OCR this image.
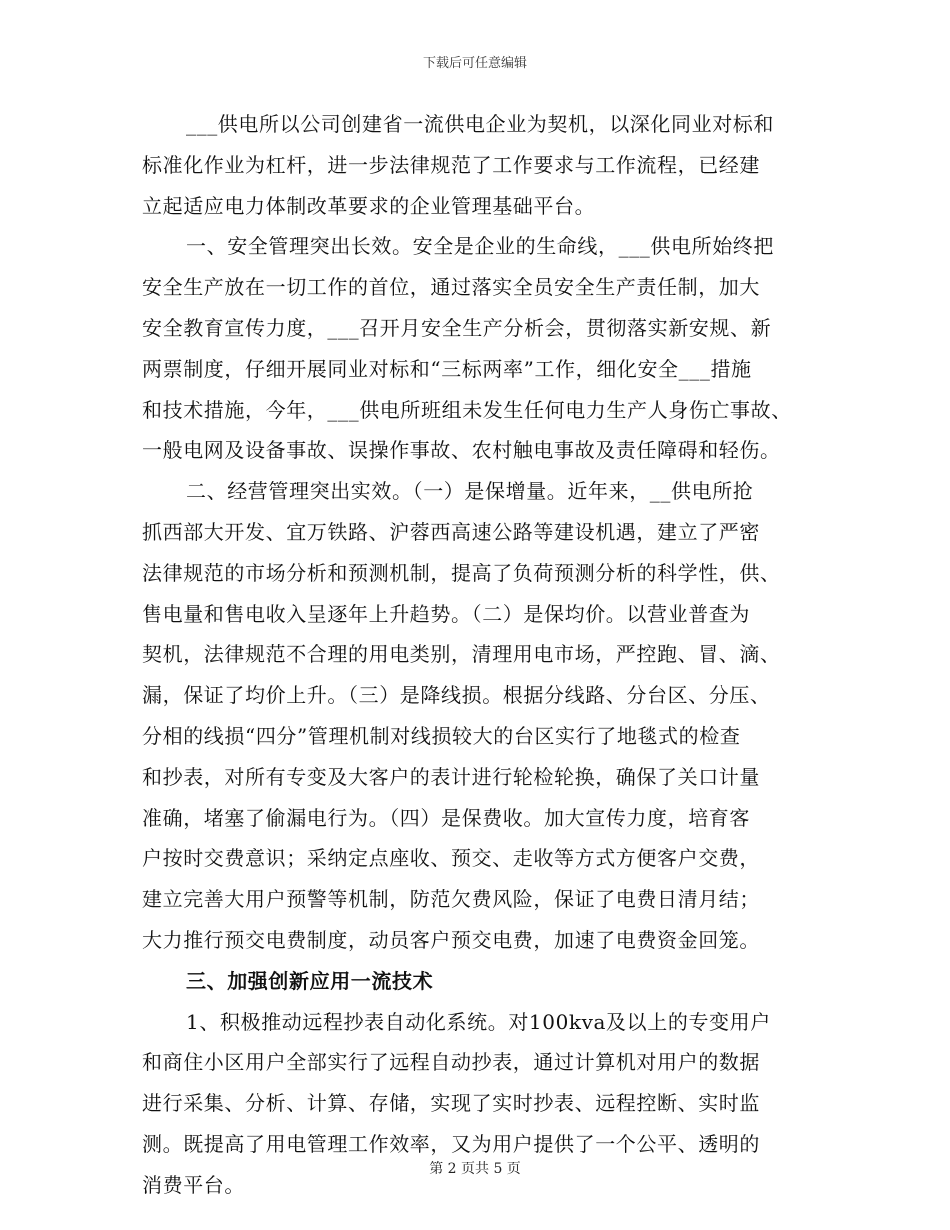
下载后可任意编辑
___供电所以公司创建省一流供电企业为契机，以深化同业对标和
标准化作业为杠杆，进一步法律规范了工作要求与工作流程，已经建
立起适应电力体制改革要求的企业管理基础平台。
一、安全管理突出长效。安全是企业的生命线，___供电所始终把
安全生产放在一切工作的首位，通过落实全员安全生产责任制，加大
安全教育宣传力度，___召开月安全生产分析会，贯彻落实新安规、新
两票制度，仔细开展同业对标和“三标两率”工作，细化安全___措施
和技术措施，今年，___供电所班组未发生任何电力生产人身伤亡事故、
一般电网及设备事故、误操作事故、农村触电事故及责任障碍和轻伤。
二、经营管理突出实效。（一）是保增量。近年来，__供电所抢
抓西部大开发、宜万铁路、沪蓉西高速公路等建设机遇，建立了严密
法律规范的市场分析和预测机制，提高了负荷预测分析的科学性，供、
售电量和售电收入呈逐年上升趋势。（二）是保均价。以营业普查为
契机，法律规范不合理的用电类别，清理用电市场，严控跑、冒、滴、
漏，保证了均价上升。（三）是降线损。根据分线路、分台区、分压、
分相的线损“四分”管理机制对线损较大的台区实行了地毯式的检查
和抄表，对所有专变及大客户的表计进行轮检轮换，确保了关口计量
准确，堵塞了偷漏电行为。（四）是保费收。加大宣传力度，培育客
户按时交费意识；采纳定点座收、预交、走收等方式方便客户交费，
建立完善大用户预警等机制，防范欠费风险，保证了电费日清月结；
大力推行预交电费制度，动员客户预交电费，加速了电费资金回笼。
三、加强创新应用一流技术
1、积极推动远程抄表自动化系统。对100kva及以上的专变用户
和商住小区用户全部实行了远程自动抄表，通过计算机对用户的数据
进行采集、分析、计算、存储，实现了实时抄表、远程控断、实时监
测。既提高了用电管理工作效率，又为用户提供了一个公平、透明的
消费平台。
第 2 页共 5 页
